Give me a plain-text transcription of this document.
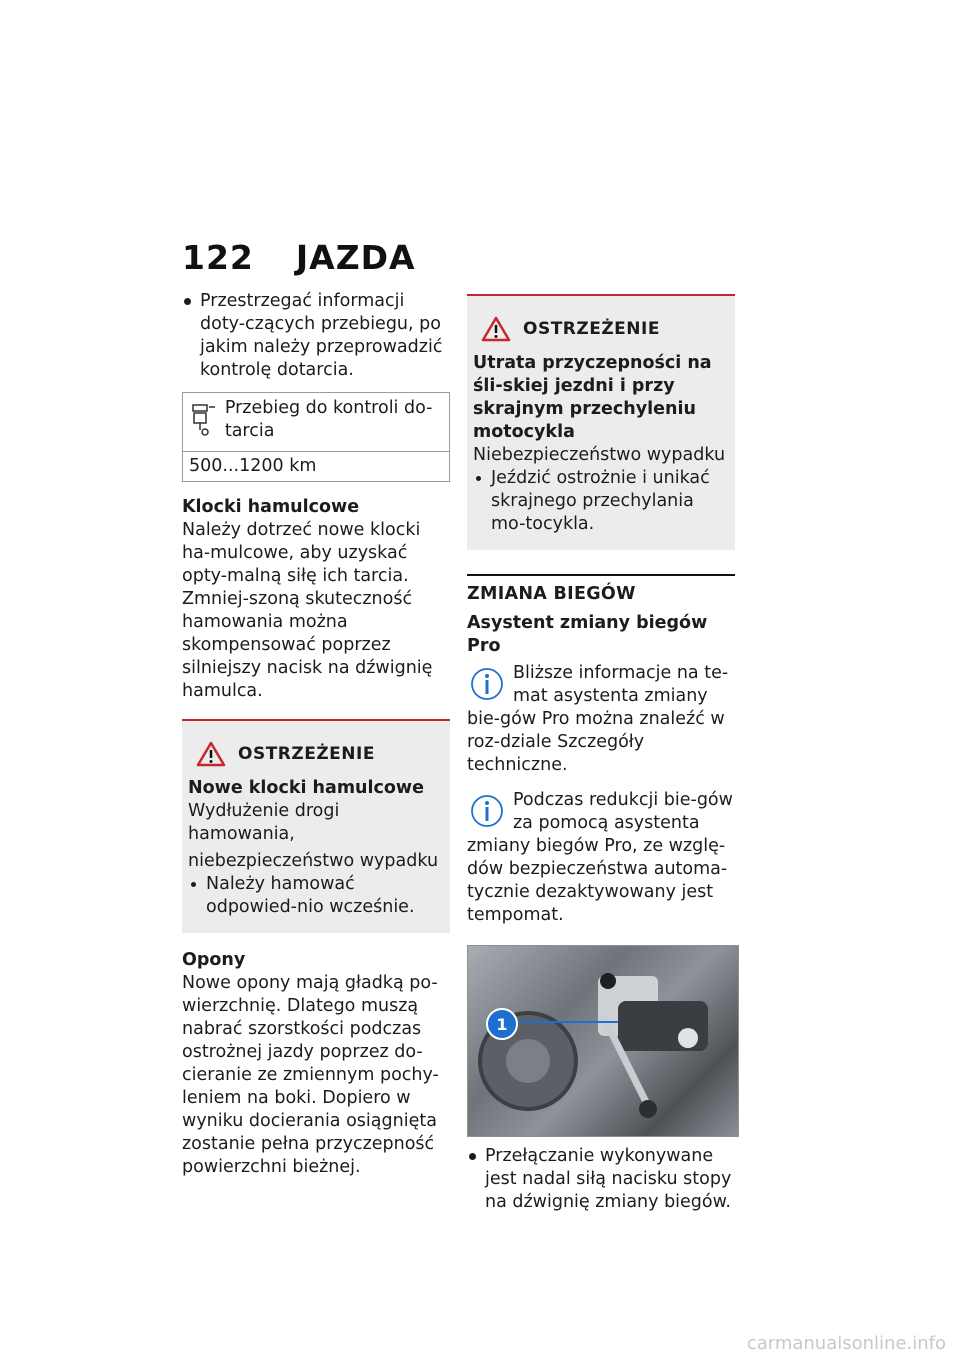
122 JAZDA
Przestrzegać informacji doty-czących przebiegu, po jakim należy przeprowadzić kontrolę dotarcia.
Przebieg do kontroli do-tarcia
500...1200 km
Klocki hamulcowe

Należy dotrzeć nowe klocki ha-mulcowe, aby uzyskać opty-malną siłę ich tarcia. Zmniej-szoną skuteczność hamowania można skompensować poprzez silniejszy nacisk na dźwignię hamulca.

OSTRZEŻENIE
Nowe klocki hamulcowe
Wydłużenie drogi hamowania,
niebezpieczeństwo wypadku
Należy hamować odpowied-nio wcześnie.
Opony

Nowe opony mają gładką po-wierzchnię. Dlatego muszą nabrać szorstkości podczas ostrożnej jazdy poprzez do-cieranie ze zmiennym pochy-leniem na boki. Dopiero w wyniku docierania osiągnięta zostanie pełna przyczepność powierzchni bieżnej.

OSTRZEŻENIE
Utrata przyczepności na śli-skiej jezdni i przy skrajnym przechyleniu motocykla
Niebezpieczeństwo wypadku
Jeździć ostrożnie i unikać skrajnego przechylania mo-tocykla.
ZMIANA BIEGÓW
Asystent zmiany biegów Pro
Bliższe informacje na te-mat asystenta zmiany bie-gów Pro można znaleźć w roz-dziale Szczegóły techniczne.
Podczas redukcji bie-gów za pomocą asystenta zmiany biegów Pro, ze wzglę-dów bezpieczeństwa automa-tycznie dezaktywowany jest tempomat.
1
Przełączanie wykonywane jest nadal siłą nacisku stopy na dźwignię zmiany biegów.
carmanualsonline.info
